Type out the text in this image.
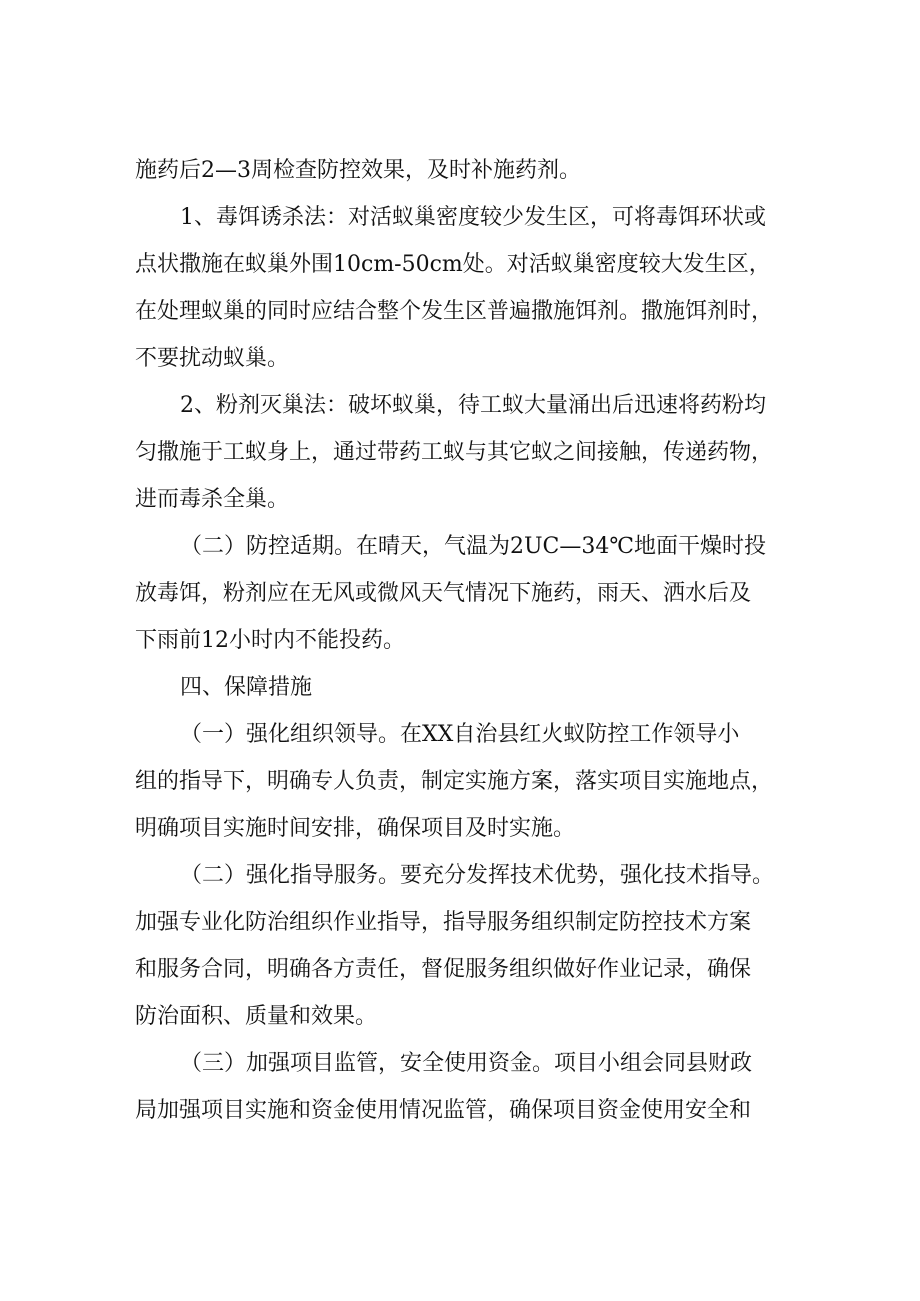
施药后2—3周检查防控效果，及时补施药剂。
1、毒饵诱杀法：对活蚁巢密度较少发生区，可将毒饵环状或
点状撒施在蚁巢外围10cm-50cm处。对活蚁巢密度较大发生区，
在处理蚁巢的同时应结合整个发生区普遍撒施饵剂。撒施饵剂时，
不要扰动蚁巢。
2、粉剂灭巢法：破坏蚁巢，待工蚁大量涌出后迅速将药粉均
匀撒施于工蚁身上，通过带药工蚁与其它蚁之间接触，传递药物，
进而毒杀全巢。
（二）防控适期。在晴天，气温为2UC—34℃地面干燥时投
放毒饵，粉剂应在无风或微风天气情况下施药，雨天、洒水后及
下雨前12小时内不能投药。
四、保障措施
（一）强化组织领导。在XX自治县红火蚁防控工作领导小
组的指导下，明确专人负责，制定实施方案，落实项目实施地点，
明确项目实施时间安排，确保项目及时实施。
（二）强化指导服务。要充分发挥技术优势，强化技术指导。
加强专业化防治组织作业指导，指导服务组织制定防控技术方案
和服务合同，明确各方责任，督促服务组织做好作业记录，确保
防治面积、质量和效果。
（三）加强项目监管，安全使用资金。项目小组会同县财政
局加强项目实施和资金使用情况监管，确保项目资金使用安全和
